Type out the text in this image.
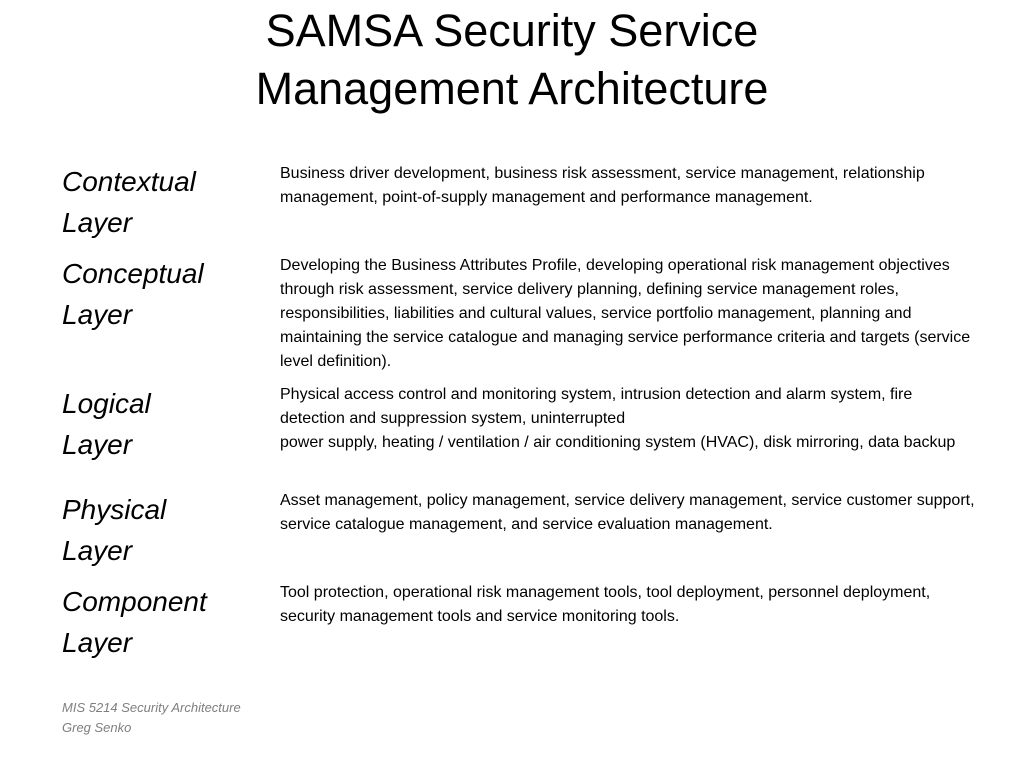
SAMSA Security Service
Management Architecture
Contextual
Layer
Business driver development, business risk assessment, service management, relationship management, point-of-supply management and performance management.
Conceptual
Layer
Developing the Business Attributes Profile, developing operational risk management objectives through risk assessment, service delivery planning, defining service management roles, responsibilities, liabilities and cultural values, service portfolio management, planning and maintaining the service catalogue and managing service performance criteria and targets (service level definition).
Logical
Layer
Physical access control and monitoring system, intrusion detection and alarm system, fire detection and suppression system, uninterrupted
power supply, heating / ventilation / air conditioning system (HVAC), disk mirroring, data backup
Physical
Layer
Asset management, policy management, service delivery management, service customer support, service catalogue management, and service evaluation management.
Component
Layer
Tool protection, operational risk management tools, tool deployment, personnel deployment, security management tools and service monitoring tools.
MIS 5214 Security Architecture
Greg Senko
